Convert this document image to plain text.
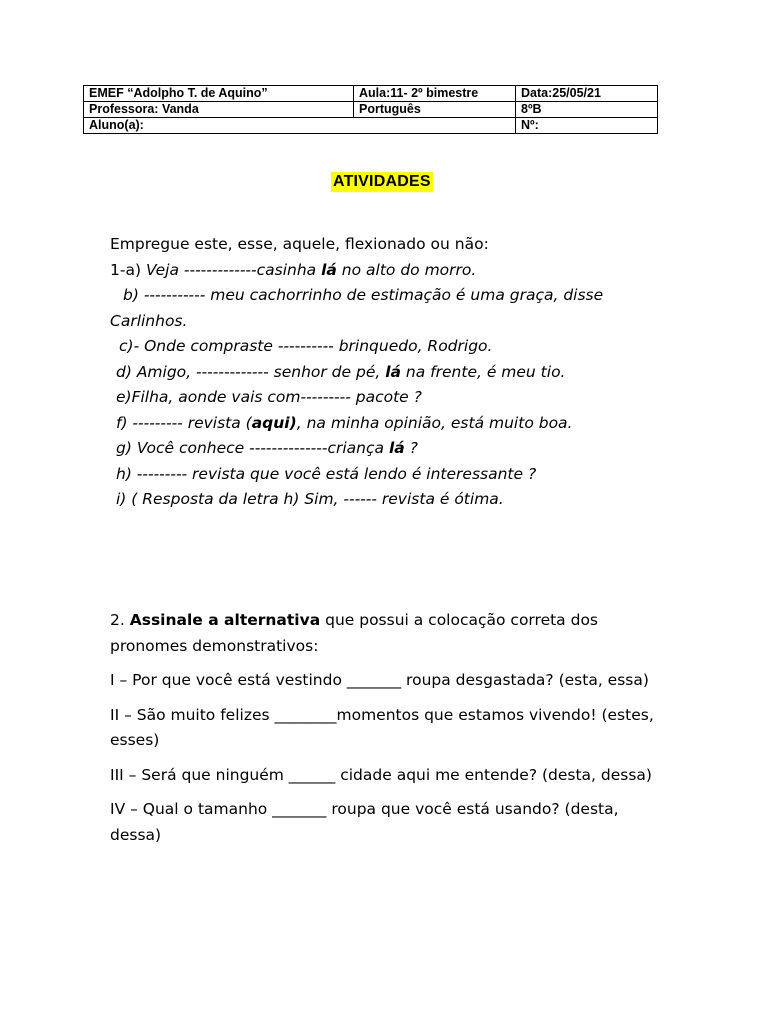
EMEF “Adolpho T. de Aquino”	Aula:11- 2º bimestre	Data:25/05/21
Professora: Vanda	Português	8ºB
Aluno(a):		Nº:
ATIVIDADES
Empregue este, esse, aquele, flexionado ou não:
1-a) Veja -------------casinha lá no alto do morro.
b) ----------- meu cachorrinho de estimação é uma graça, disse
Carlinhos.
c)- Onde compraste ---------- brinquedo, Rodrigo.
d) Amigo, ------------- senhor de pé, lá na frente, é meu tio.
e)Filha, aonde vais com--------- pacote ?
f) --------- revista (aqui), na minha opinião, está muito boa.
g) Você conhece --------------criança lá ?
h) --------- revista que você está lendo é interessante ?
i) ( Resposta da letra h) Sim, ------ revista é ótima.

2. Assinale a alternativa que possui a colocação correta dos pronomes demonstrativos:

I – Por que você está vestindo _______ roupa desgastada? (esta, essa)

II – São muito felizes ________momentos que estamos vivendo! (estes, esses)

III – Será que ninguém ______ cidade aqui me entende? (desta, dessa)

IV – Qual o tamanho _______ roupa que você está usando? (desta, dessa)
